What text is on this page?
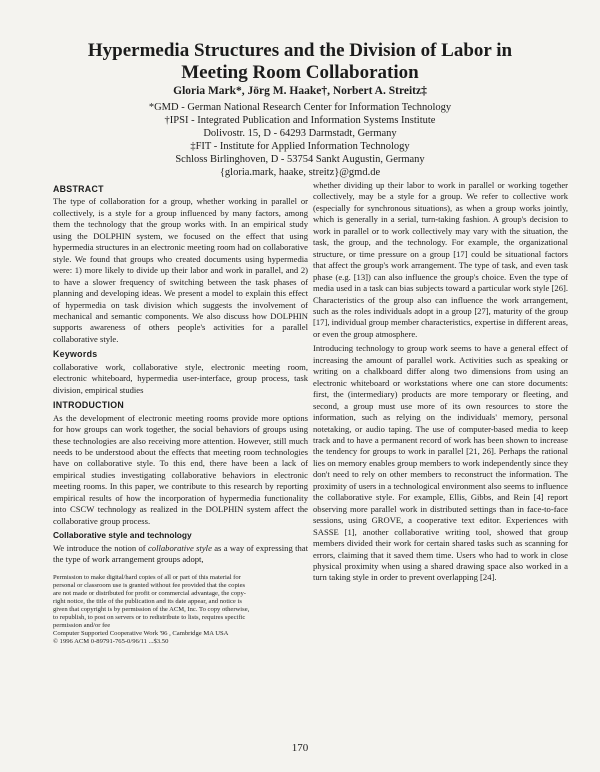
Hypermedia Structures and the Division of Labor in
Meeting Room Collaboration
Gloria Mark*, Jörg M. Haake†, Norbert A. Streitz‡
*GMD - German National Research Center for Information Technology
†IPSI - Integrated Publication and Information Systems Institute
Dolivostr. 15, D - 64293 Darmstadt, Germany
‡FIT - Institute for Applied Information Technology
Schloss Birlinghoven, D - 53754 Sankt Augustin, Germany
{gloria.mark, haake, streitz}@gmd.de
ABSTRACT

The type of collaboration for a group, whether working in parallel or collectively, is a style for a group influenced by many factors, among them the technology that the group works with. In an empirical study using the DOLPHIN system, we focused on the effect that using hypermedia structures in an electronic meeting room had on collaborative style. We found that groups who created documents using hypermedia were: 1) more likely to divide up their labor and work in parallel, and 2) to have a slower frequency of switching between the task phases of planning and developing ideas. We present a model to explain this effect of hypermedia on task division which suggests the involvement of mechanical and semantic components. We also discuss how DOLPHIN supports awareness of others people's activities for a parallel collaborative style.

Keywords

collaborative work, collaborative style, electronic meeting room, electronic whiteboard, hypermedia user-interface, group process, task division, empirical studies

INTRODUCTION

As the development of electronic meeting rooms provide more options for how groups can work together, the social behaviors of groups using these technologies are also receiving more attention. However, still much needs to be understood about the effects that meeting room technologies have on collaborative style. To this end, there have been a lack of empirical studies investigating collaborative behaviors in electronic meeting rooms. In this paper, we contribute to this research by reporting empirical results of how the incorporation of hypermedia functionality into CSCW technology as realized in the DOLPHIN system affect the collaborative group process.

Collaborative style and technology

We introduce the notion of collaborative style as a way of expressing that the type of work arrangement groups adopt,

Permission to make digital/hard copies of all or part of this material for
personal or classroom use is granted without fee provided that the copies
are not made or distributed for profit or commercial advantage, the copy-
right notice, the title of the publication and its date appear, and notice is
given that copyright is by permission of the ACM, Inc. To copy otherwise,
to republish, to post on servers or to redistribute to lists, requires specific
permission and/or fee
Computer Supported Cooperative Work '96 , Cambridge MA USA
© 1996 ACM 0-89791-765-0/96/11 ...$3.50

whether dividing up their labor to work in parallel or working together collectively, may be a style for a group. We refer to collective work (especially for synchronous situations), as when a group works jointly, which is generally in a serial, turn-taking fashion. A group's decision to work in parallel or to work collectively may vary with the situation, the task, the group, and the technology. For example, the organizational structure, or time pressure on a group [17] could be situational factors that affect the group's work arrangement. The type of task, and even task phase (e.g. [13]) can also influence the group's choice. Even the type of media used in a task can bias subjects toward a particular work style [26]. Characteristics of the group also can influence the work arrangement, such as the roles individuals adopt in a group [27], maturity of the group [17], individual group member characteristics, expertise in different areas, or even the group atmosphere.

Introducing technology to group work seems to have a general effect of increasing the amount of parallel work. Activities such as speaking or writing on a chalkboard differ along two dimensions from using an electronic whiteboard or workstations where one can store documents: first, the (intermediary) products are more temporary or fleeting, and second, a group must use more of its own resources to store the information, such as relying on the individuals' memory, personal notetaking, or audio taping. The use of computer-based media to keep track and to have a permanent record of work has been shown to increase the tendency for groups to work in parallel [21, 26]. Perhaps the rational lies on memory enables group members to work independently since they don't need to rely on other members to reconstruct the information. The proximity of users in a technological environment also seems to influence the collaborative style. For example, Ellis, Gibbs, and Rein [4] report observing more parallel work in distributed settings than in face-to-face sessions, using GROVE, a cooperative text editor. Experiences with SASSE [1], another collaborative writing tool, showed that group members divided their work for certain shared tasks such as scanning for errors, claiming that it saved them time. Users who had to work in close physical proximity when using a shared drawing space also worked in a turn taking style in order to prevent overlapping [24].

170
